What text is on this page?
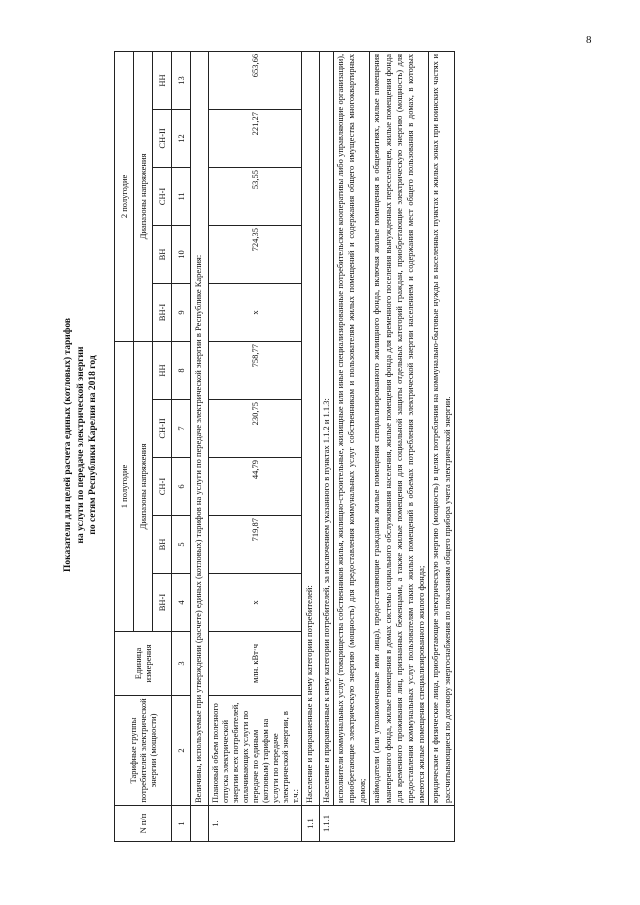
8
Показатели для целей расчета единых (котловых) тарифов на услуги по передаче электрической энергии по сетям Республики Карелия на 2018 год
N п/п	Тарифные группы потребителей электрической энергии (мощности)	Единица измерения	1 полугодие					2 полугодие				
			Диапазоны напряжения					Диапазоны напряжения				
			ВН-I	ВН	СН-I	СН-II	НН	ВН-I	ВН	СН-I	СН-II	НН
1	2	3	4	5	6	7	8	9	10	11	12	13
	Величины, используемые при утверждении (расчете) единых (котловых) тарифов на услуги по передаче электрической энергии в Республике Карелия:											
1.	Плановый объем полезного отпуска электрической энергии всех потребителей, оплачивающих услуги по передаче по единым (котловым) тарифам на услуги по передаче электрической энергии, в т.ч.:	млн. кВт·ч	х	719,87	44,79	230,75	758,77	х	724,35	53,55	221,27	653,66
1.1	Население и приравненные к нему категории потребителей:											
1.1.1	Население и приравненные к нему категории потребителей, за исключением указанного в пунктах 1.1.2 и 1.1.3:											
	исполнители коммунальных услуг (товарищества собственников жилья, жилищно-строительные, жилищные или иные специализированные потребительские кооперативы либо управляющие организации), приобретающие электрическую энергию (мощность) для предоставления коммунальных услуг собственникам и пользователям жилых помещений и содержания общего имущества многоквартирных домов;											
	наймодатели (или уполномоченные ими лица), предоставляющие гражданам жилые помещения специализированного жилищного фонда, включая жилые помещения в общежитиях, жилые помещения маневренного фонда, жилые помещения в домах системы социального обслуживания населения, жилые помещения фонда для временного поселения вынужденных переселенцев, жилые помещения фонда для временного проживания лиц, признанных беженцами, а также жилые помещения для социальной защиты отдельных категорий граждан, приобретающие электрическую энергию (мощность) для предоставления коммунальных услуг пользователям таких жилых помещений в объемах потребления электрической энергии населением и содержания мест общего пользования в домах, в которых имеются жилые помещения специализированного жилого фонда;											
	юридические и физические лица, приобретающие электрическую энергию (мощность) в целях потребления на коммунально-бытовые нужды в населенных пунктах и жилых зонах при воинских частях и рассчитывающиеся по договору энергоснабжения по показаниям общего прибора учета электрической энергии.											
